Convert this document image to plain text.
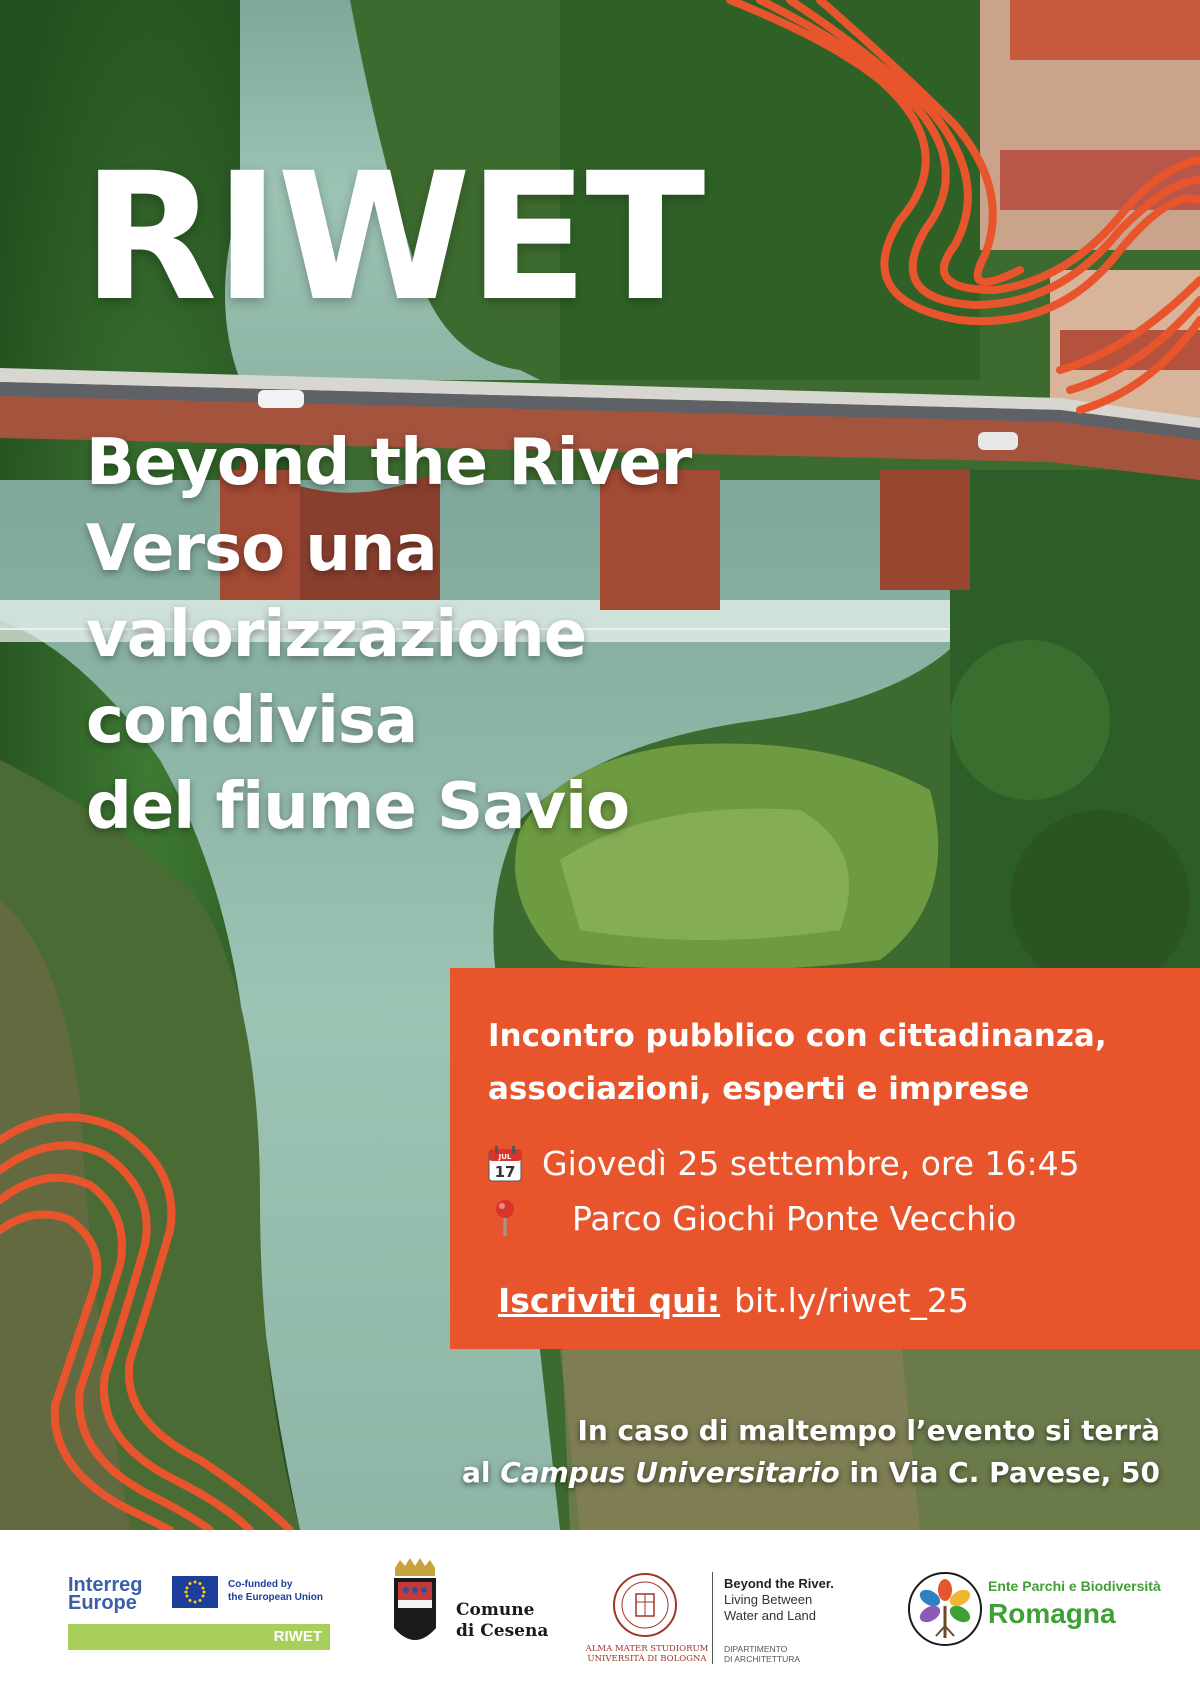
RIWET
Beyond the River
Verso una
valorizzazione
condivisa
del fiume Savio
Incontro pubblico con cittadinanza, associazioni, esperti e imprese
JUL
17 Giovedì 25 settembre, ore 16:45
Parco Giochi Ponte Vecchio
Iscriviti qui: bit.ly/riwet_25
In caso di maltempo l’evento si terrà
al Campus Universitario in Via C. Pavese, 50
Interreg
Europe
Co-funded by
the European Union
RIWET
Comune
di Cesena
ALMA MATER STUDIORUM
UNIVERSITÀ DI BOLOGNA
Beyond the River.
Living Between
Water and Land
DIPARTIMENTO
DI ARCHITETTURA
Ente Parchi e Biodiversità
Romagna
